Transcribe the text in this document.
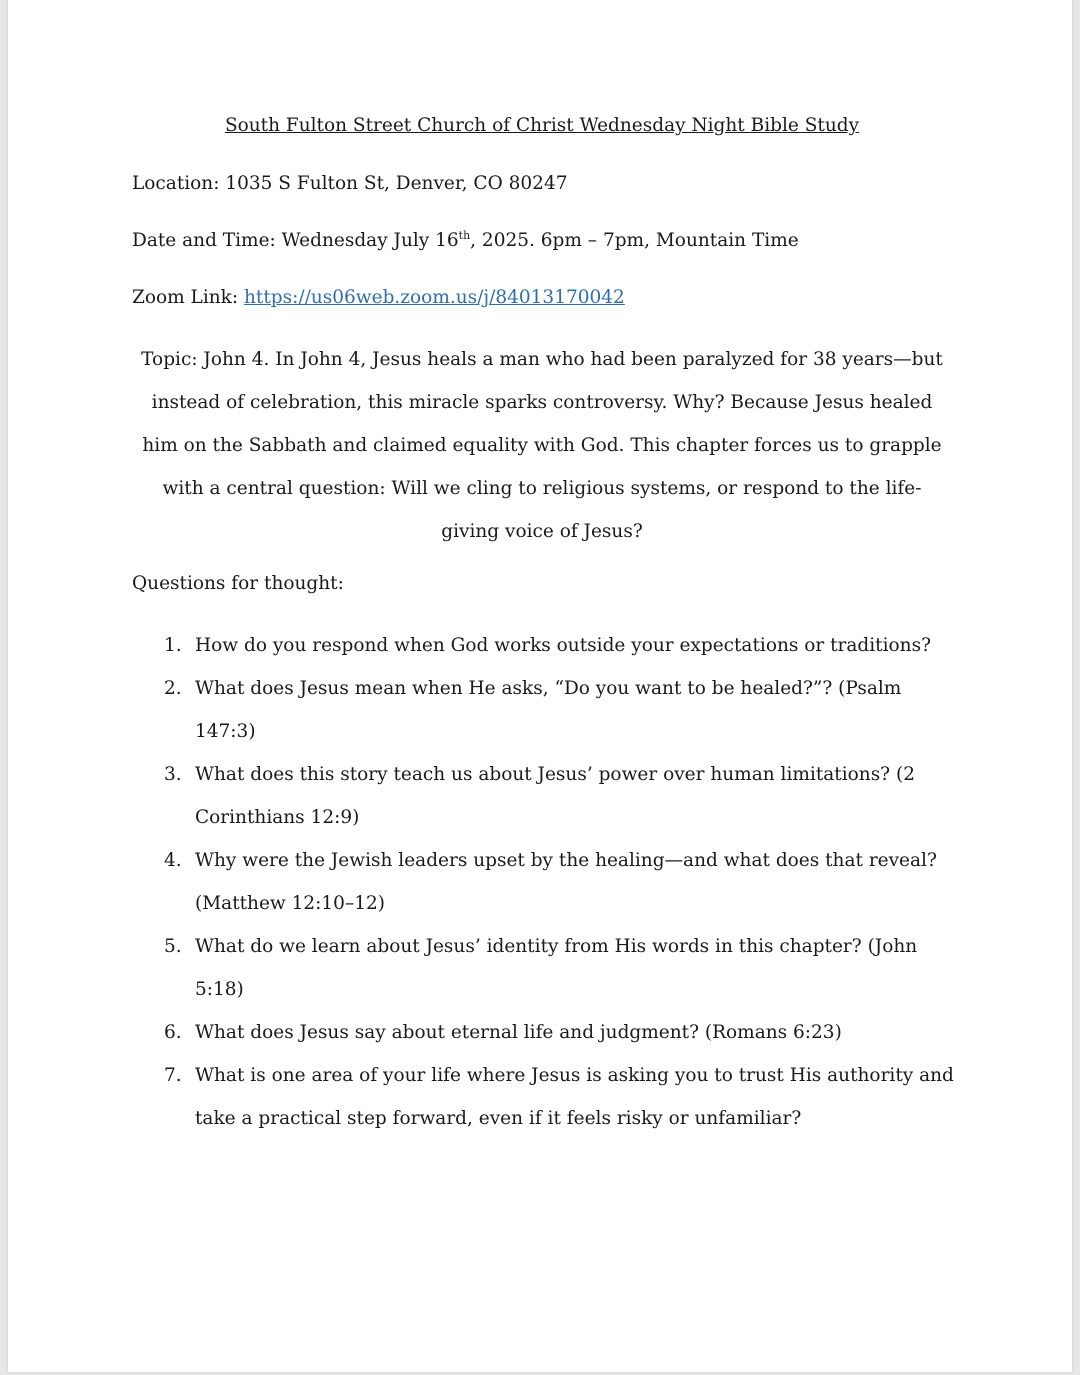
South Fulton Street Church of Christ Wednesday Night Bible Study
Location: 1035 S Fulton St, Denver, CO 80247
Date and Time: Wednesday July 16th, 2025. 6pm – 7pm, Mountain Time
Zoom Link: https://us06web.zoom.us/j/84013170042
Topic: John 4. In John 4, Jesus heals a man who had been paralyzed for 38 years—but instead of celebration, this miracle sparks controversy. Why? Because Jesus healed him on the Sabbath and claimed equality with God. This chapter forces us to grapple with a central question: Will we cling to religious systems, or respond to the life-giving voice of Jesus?
Questions for thought:
1. How do you respond when God works outside your expectations or traditions?
2. What does Jesus mean when He asks, “Do you want to be healed?”? (Psalm 147:3)
3. What does this story teach us about Jesus’ power over human limitations? (2 Corinthians 12:9)
4. Why were the Jewish leaders upset by the healing—and what does that reveal? (Matthew 12:10–12)
5. What do we learn about Jesus’ identity from His words in this chapter? (John 5:18)
6. What does Jesus say about eternal life and judgment? (Romans 6:23)
7. What is one area of your life where Jesus is asking you to trust His authority and take a practical step forward, even if it feels risky or unfamiliar?
